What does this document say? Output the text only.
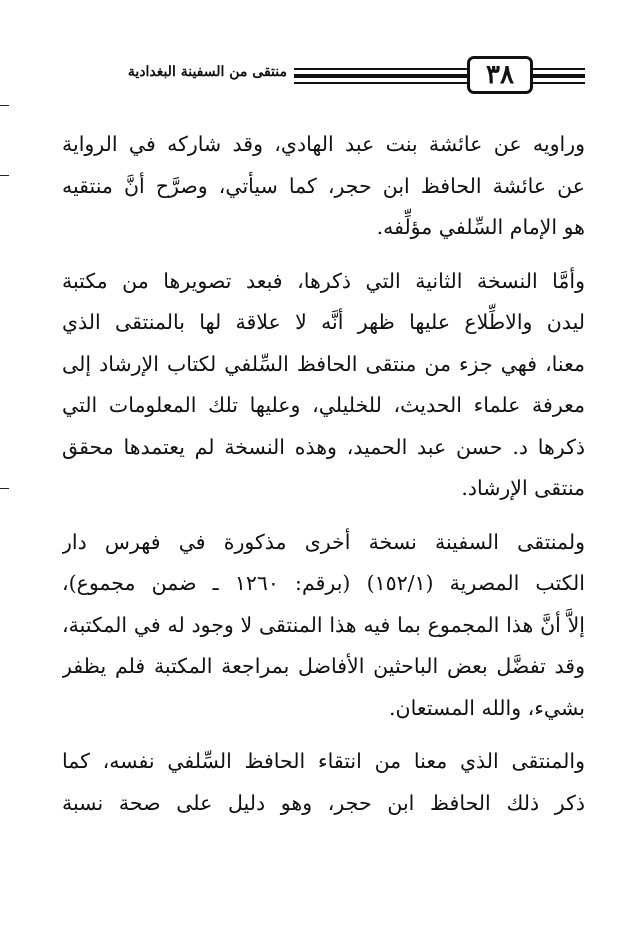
منتقى من السفينة البغدادية	٣٨
وراويه عن عائشة بنت عبد الهادي، وقد شاركه في الرواية
عن عائشة الحافظ ابن حجر، كما سيأتي، وصرَّح أنَّ منتقيه
هو الإمام السِّلفي مؤلِّفه.
وأمَّا النسخة الثانية التي ذكرها، فبعد تصويرها من مكتبة
ليدن والاطِّلاع عليها ظهر أنَّه لا علاقة لها بالمنتقى الذي
معنا، فهي جزء من منتقى الحافظ السِّلفي لكتاب الإرشاد إلى
معرفة علماء الحديث، للخليلي، وعليها تلك المعلومات التي
ذكرها د. حسن عبد الحميد، وهذه النسخة لم يعتمدها محقق
منتقى الإرشاد.
ولمنتقى السفينة نسخة أخرى مذكورة في فهرس دار
الكتب المصرية (١٥٢/١) (برقم: ١٢٦٠ ـ ضمن مجموع)،
إلاَّ أنَّ هذا المجموع بما فيه هذا المنتقى لا وجود له في المكتبة،
وقد تفضَّل بعض الباحثين الأفاضل بمراجعة المكتبة فلم يظفر
بشيء، والله المستعان.
والمنتقى الذي معنا من انتقاء الحافظ السِّلفي نفسه، كما
ذكر ذلك الحافظ ابن حجر، وهو دليل على صحة نسبة
